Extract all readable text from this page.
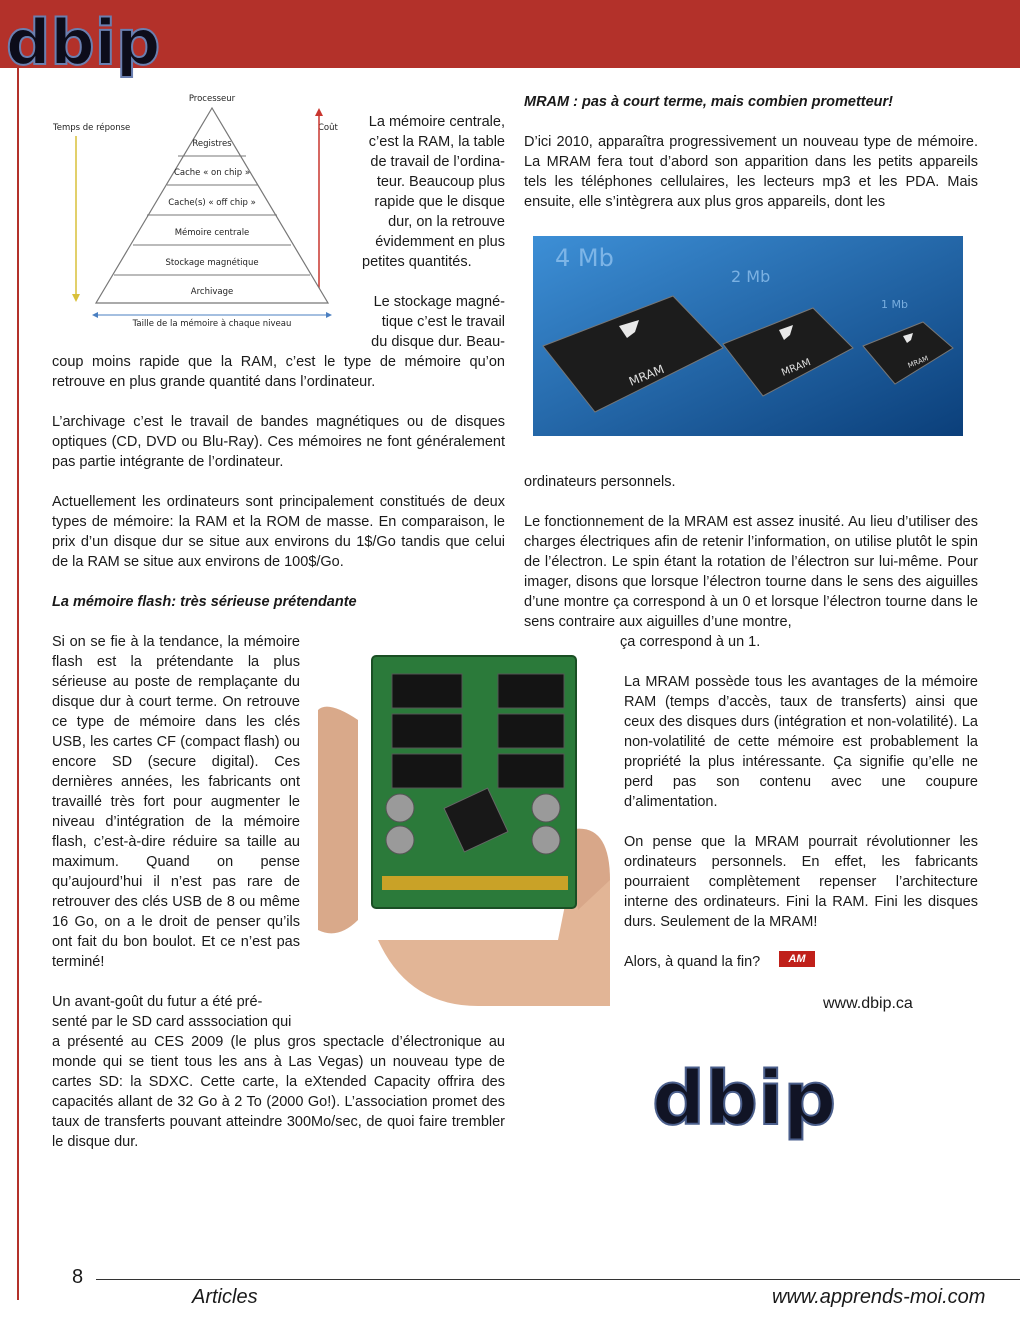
dbip
Processeur
Temps de réponse	Coût
Registres
Cache « on chip »
Cache(s) « off chip »
Mémoire centrale
Stockage magnétique
Archivage
Taille de la mémoire à chaque niveau

La mémoire centrale,

c’est la RAM, la table

de travail de l’ordina-

teur. Beaucoup plus

rapide que le disque

dur, on la retrouve

évidemment en plus

petites quantités.

Le stockage magné-

tique c’est le travail

du disque dur. Beau-

coup moins rapide que la RAM, c’est le type de mémoire qu’on retrouve en plus grande quantité dans l’ordinateur.

L’archivage c’est le travail de bandes magnétiques ou de disques optiques (CD, DVD ou Blu-Ray). Ces mémoires ne font généralement pas partie intégrante de l’ordinateur.

Actuellement les ordinateurs sont principalement constitués de deux types de mémoire: la RAM et la ROM de masse. En comparaison, le prix d’un disque dur se situe aux environs du 1$/Go tandis que celui de la RAM se situe aux environs de 100$/Go.

La mémoire flash: très sérieuse prétendante

Si on se fie à la tendance, la mémoire flash est la prétendante la plus sérieuse au poste de remplaçante du disque dur à court terme. On retrouve ce type de mémoire dans les clés USB, les cartes CF (compact flash) ou encore SD (secure digital). Ces dernières années, les fabricants ont travaillé très fort pour augmenter le niveau d’intégration de la mémoire flash, c’est-à-dire réduire sa taille au maximum. Quand on pense qu’aujourd’hui il n’est pas rare de retrouver des clés USB de 8 ou même 16 Go, on a le droit de penser qu’ils ont fait du bon boulot. Et ce n’est pas terminé!

Un avant-goût du futur a été pré-

senté par le SD card asssociation qui

a présenté au CES 2009 (le plus gros spectacle d’électronique au monde qui se tient tous les ans à Las Vegas) un nouveau type de cartes SD: la SDXC. Cette carte, la eXtended Capacity offrira des capacités allant de 32 Go à 2 To (2000 Go!). L’association promet des taux de transferts pouvant atteindre 300Mo/sec, de quoi faire trembler le disque dur.

MRAM : pas à court terme, mais combien prometteur!

D’ici 2010, apparaîtra progressivement un nouveau type de mémoire. La MRAM fera tout d’abord son apparition dans les petits appareils tels les téléphones cellulaires, les lecteurs mp3 et les PDA. Mais ensuite, elle s’intègrera aux plus gros appareils, dont les

4 Mb
2 Mb
1 Mb
MRAM	MRAM	MRAM

ordinateurs personnels.

Le fonctionnement de la MRAM est assez inusité. Au lieu d’utiliser des charges électriques afin de retenir l’information, on utilise plutôt le spin de l’électron. Le spin étant la rotation de l’électron sur lui-même. Pour imager, disons que lorsque l’électron tourne dans le sens des aiguilles d’une montre ça correspond à un 0 et lorsque l’électron tourne dans le sens contraire aux aiguilles d’une montre,

ça correspond à un 1.

La MRAM possède tous les avantages de la mémoire RAM (temps d’accès, taux de transferts) ainsi que ceux des disques durs (intégration et non-volatilité). La non-volatilité de cette mémoire est probablement la propriété la plus intéressante. Ça signifie qu’elle ne perd pas son contenu avec une coupure d’alimentation.

On pense que la MRAM pourrait révolutionner les ordinateurs personnels. En effet, les fabricants pourraient complètement repenser l’architecture interne des ordinateurs. Fini la RAM. Fini les disques durs. Seulement de la MRAM!

Alors, à quand la fin?	AM
www.dbip.ca
dbip
8
Articles	www.apprends-moi.com
